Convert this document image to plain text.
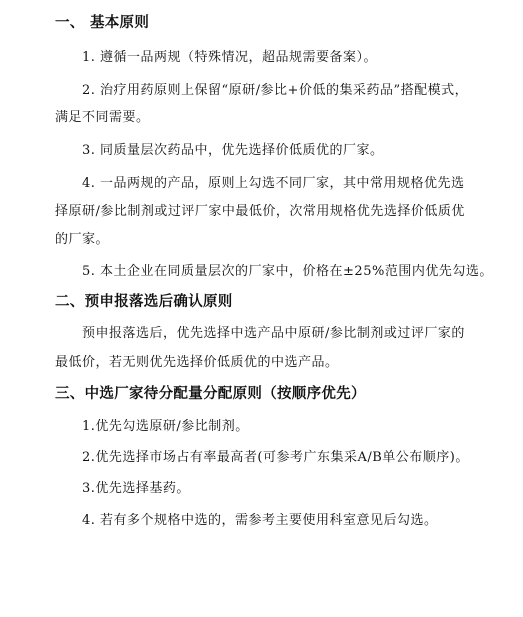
一、 基本原则
1. 遵循一品两规（特殊情况，超品规需要备案）。
2. 治疗用药原则上保留“原研/参比+价低的集采药品”搭配模式，
满足不同需要。
3. 同质量层次药品中，优先选择价低质优的厂家。
4. 一品两规的产品，原则上勾选不同厂家，其中常用规格优先选
择原研/参比制剂或过评厂家中最低价，次常用规格优先选择价低质优
的厂家。
5. 本土企业在同质量层次的厂家中，价格在±25%范围内优先勾选。
二、预申报落选后确认原则
预申报落选后，优先选择中选产品中原研/参比制剂或过评厂家的
最低价，若无则优先选择价低质优的中选产品。
三、中选厂家待分配量分配原则（按顺序优先）
1.优先勾选原研/参比制剂。
2.优先选择市场占有率最高者(可参考广东集采A/B单公布顺序)。
3.优先选择基药。
4. 若有多个规格中选的，需参考主要使用科室意见后勾选。
